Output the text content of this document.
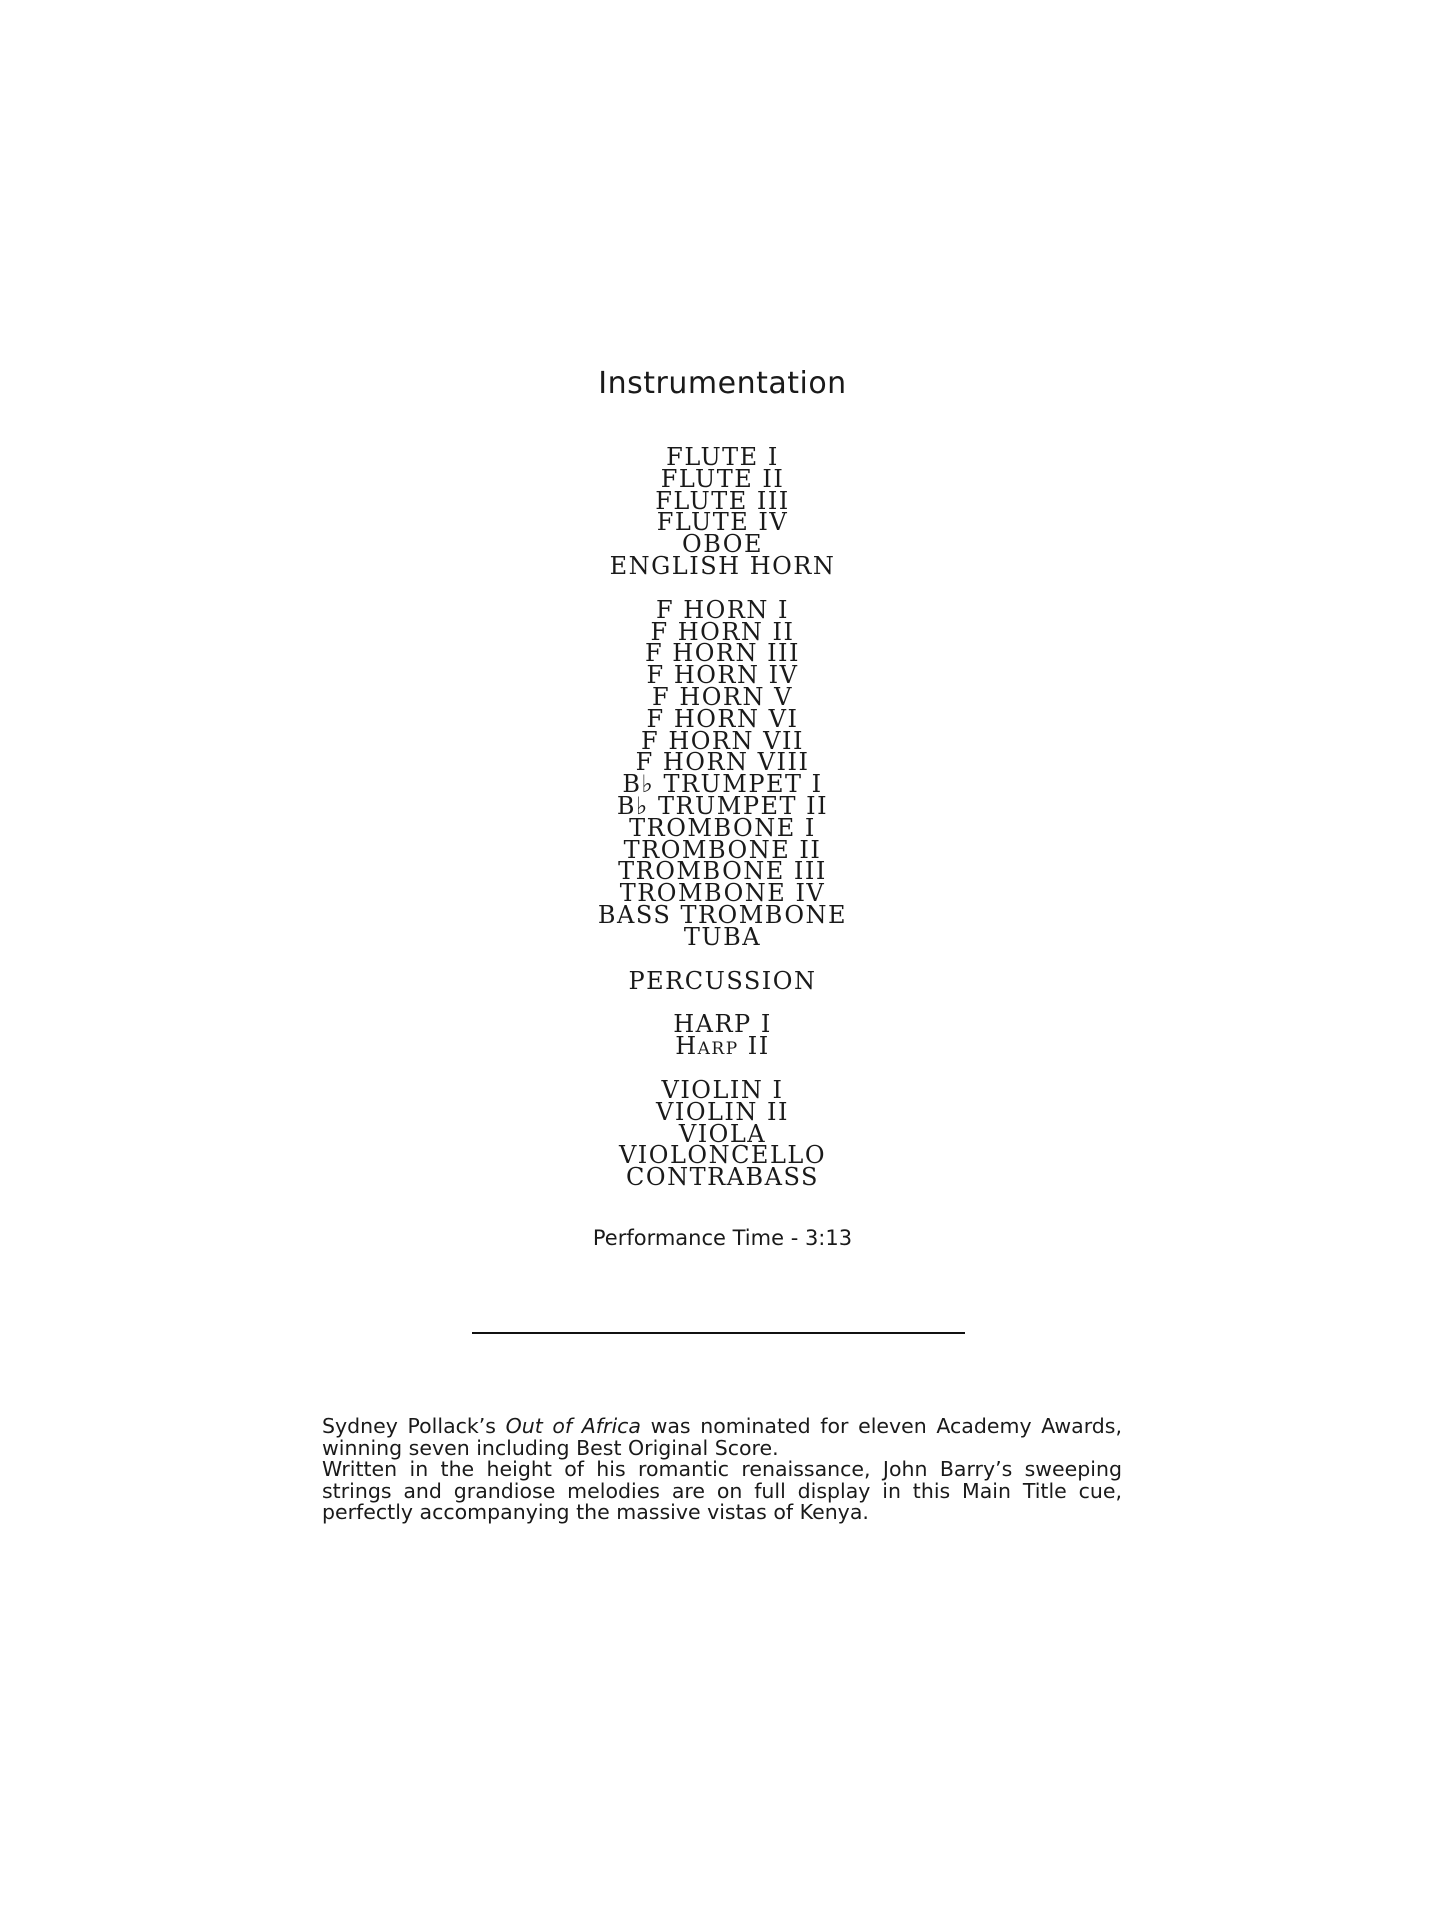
Instrumentation
FLUTE I
FLUTE II
FLUTE III
FLUTE IV
OBOE
ENGLISH HORN
F HORN I
F HORN II
F HORN III
F HORN IV
F HORN V
F HORN VI
F HORN VII
F HORN VIII
B♭ TRUMPET I
B♭ TRUMPET II
TROMBONE I
TROMBONE II
TROMBONE III
TROMBONE IV
BASS TROMBONE
TUBA
PERCUSSION
HARP I
Harp II
VIOLIN I
VIOLIN II
VIOLA
VIOLONCELLO
CONTRABASS
Performance Time - 3:13

Sydney Pollack’s Out of Africa was nominated for eleven Academy Awards, winning seven including Best Original Score.

Written in the height of his romantic renaissance, John Barry’s sweeping strings and grandiose melodies are on full display in this Main Title cue, perfectly accompanying the massive vistas of Kenya.
